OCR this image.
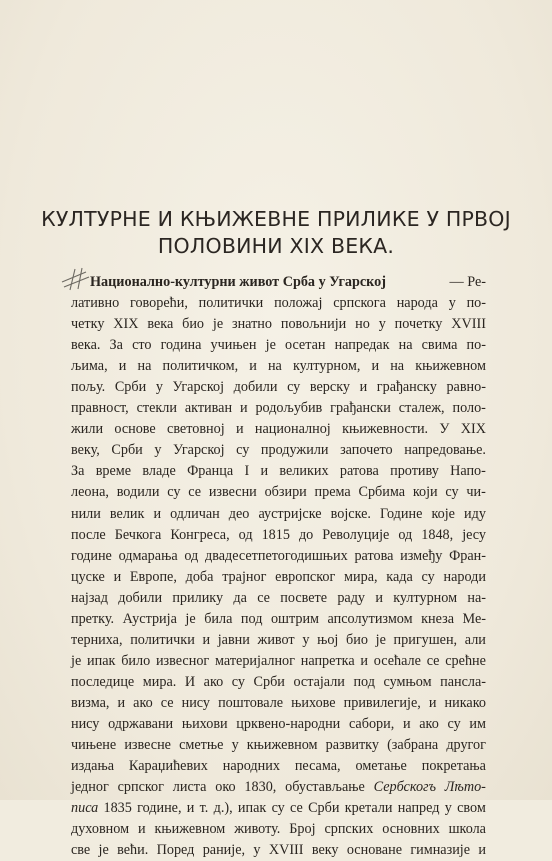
КУЛТУРНЕ И КЊИЖЕВНЕ ПРИЛИКЕ У ПРВОЈ
ПОЛОВИНИ XIX ВЕКА.
Национално-културни живот Срба у Угарској	— Ре-
лативно говорећи, политички положај српскога народа у по-
четку XIX века био је знатно повољнији но у почетку XVIII
века. За сто година учињен је осетан напредак на свима по-
љима, и на политичком, и на културном, и на књижевном
пољу. Срби у Угарској добили су верску и грађанску равно-
правност, стекли активан и родољубив грађански сталеж, поло-
жили основе световној и националној књижевности. У XIX
веку, Срби у Угарској су продужили започето напредовање.
За време владе Франца I и великих ратова противу Напо-
леона, водили су се извесни обзири према Србима који су чи-
нили велик и одличан део аустријске војске. Године које иду
после Бечкога Конгреса, од 1815 до Револуције од 1848, јесу
године одмарања од двадесетпетогодишњих ратова између Фран-
цуске и Европе, доба трајног европског мира, када су народи
најзад добили прилику да се посвете раду и културном на-
претку. Аустрија је била под оштрим апсолутизмом кнеза Ме-
терниха, политички и јавни живот у њој био је пригушен, али
је ипак било извесног материјалног напретка и осећале се срећне
последице мира. И ако су Срби остајали под сумњом пансла-
визма, и ако се нису поштовале њихове привилегије, и никако
нису одржавани њихови црквено-народни сабори, и ако су им
чињене извесне сметње у књижевном развитку (забрана другог
издања Караџићевих народних песама, ометање покретања
једног српског листа око 1830, обустављање Сербскогъ Лѣто-
писа 1835 године, и т. д.), ипак су се Срби кретали напред у свом
духовном и књижевном животу. Број српских основних школа
све је већи. Поред раније, у XVIII веку основане гимназије и
